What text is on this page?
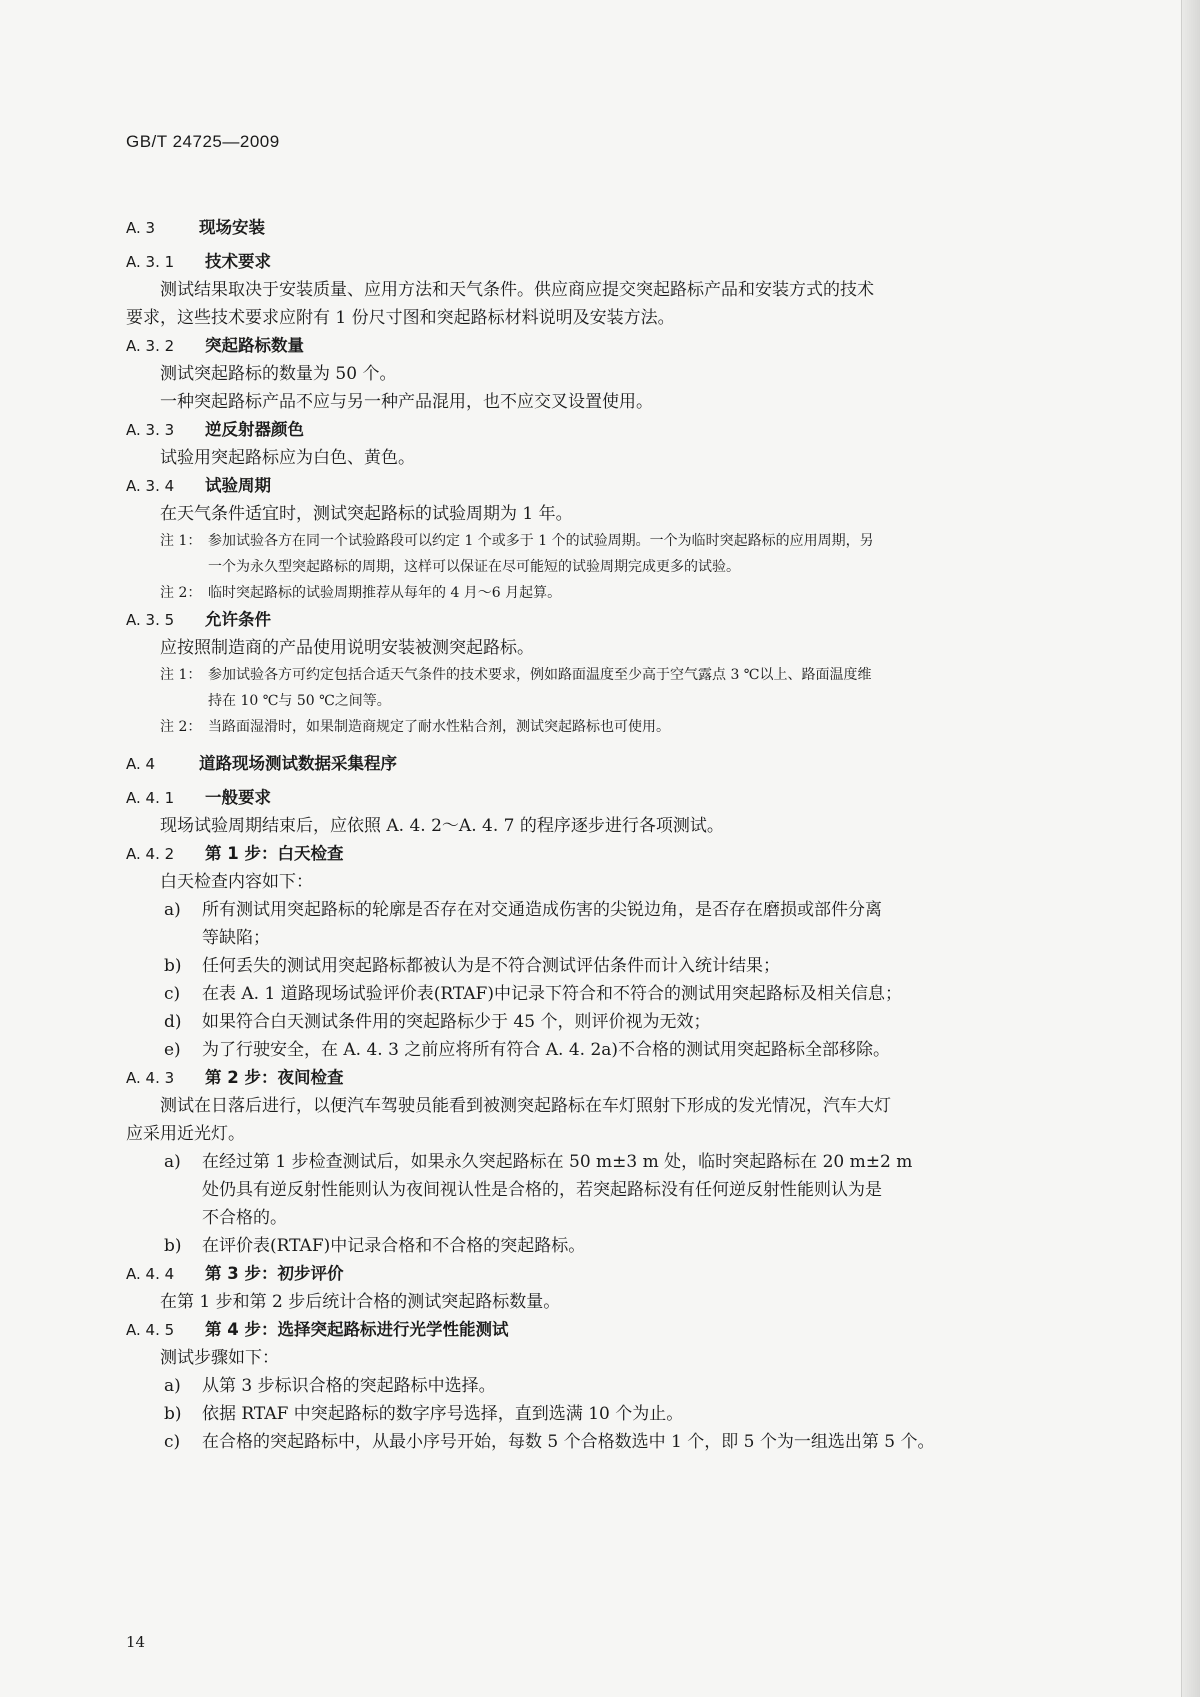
GB/T 24725—2009
A. 3	现场安装
A. 3. 1 技术要求
测试结果取决于安装质量、应用方法和天气条件。供应商应提交突起路标产品和安装方式的技术
要求，这些技术要求应附有 1 份尺寸图和突起路标材料说明及安装方法。
A. 3. 2 突起路标数量
测试突起路标的数量为 50 个。
一种突起路标产品不应与另一种产品混用，也不应交叉设置使用。
A. 3. 3 逆反射器颜色
试验用突起路标应为白色、黄色。
A. 3. 4 试验周期
在天气条件适宜时，测试突起路标的试验周期为 1 年。
注 1： 参加试验各方在同一个试验路段可以约定 1 个或多于 1 个的试验周期。一个为临时突起路标的应用周期，另
一个为永久型突起路标的周期，这样可以保证在尽可能短的试验周期完成更多的试验。
注 2： 临时突起路标的试验周期推荐从每年的 4 月～6 月起算。
A. 3. 5 允许条件
应按照制造商的产品使用说明安装被测突起路标。
注 1： 参加试验各方可约定包括合适天气条件的技术要求，例如路面温度至少高于空气露点 3 ℃以上、路面温度维
持在 10 ℃与 50 ℃之间等。
注 2： 当路面湿滑时，如果制造商规定了耐水性粘合剂，测试突起路标也可使用。
A. 4	道路现场测试数据采集程序
A. 4. 1 一般要求
现场试验周期结束后，应依照 A. 4. 2～A. 4. 7 的程序逐步进行各项测试。
A. 4. 2 第 1 步：白天检查
白天检查内容如下：
a) 所有测试用突起路标的轮廓是否存在对交通造成伤害的尖锐边角，是否存在磨损或部件分离
等缺陷；
b) 任何丢失的测试用突起路标都被认为是不符合测试评估条件而计入统计结果；
c) 在表 A. 1 道路现场试验评价表(RTAF)中记录下符合和不符合的测试用突起路标及相关信息；
d) 如果符合白天测试条件用的突起路标少于 45 个，则评价视为无效；
e) 为了行驶安全，在 A. 4. 3 之前应将所有符合 A. 4. 2a)不合格的测试用突起路标全部移除。
A. 4. 3 第 2 步：夜间检查
测试在日落后进行，以便汽车驾驶员能看到被测突起路标在车灯照射下形成的发光情况，汽车大灯
应采用近光灯。
a) 在经过第 1 步检查测试后，如果永久突起路标在 50 m±3 m 处，临时突起路标在 20 m±2 m
处仍具有逆反射性能则认为夜间视认性是合格的，若突起路标没有任何逆反射性能则认为是
不合格的。
b) 在评价表(RTAF)中记录合格和不合格的突起路标。
A. 4. 4 第 3 步：初步评价
在第 1 步和第 2 步后统计合格的测试突起路标数量。
A. 4. 5 第 4 步：选择突起路标进行光学性能测试
测试步骤如下：
a) 从第 3 步标识合格的突起路标中选择。
b) 依据 RTAF 中突起路标的数字序号选择，直到选满 10 个为止。
c) 在合格的突起路标中，从最小序号开始，每数 5 个合格数选中 1 个，即 5 个为一组选出第 5 个。
14
